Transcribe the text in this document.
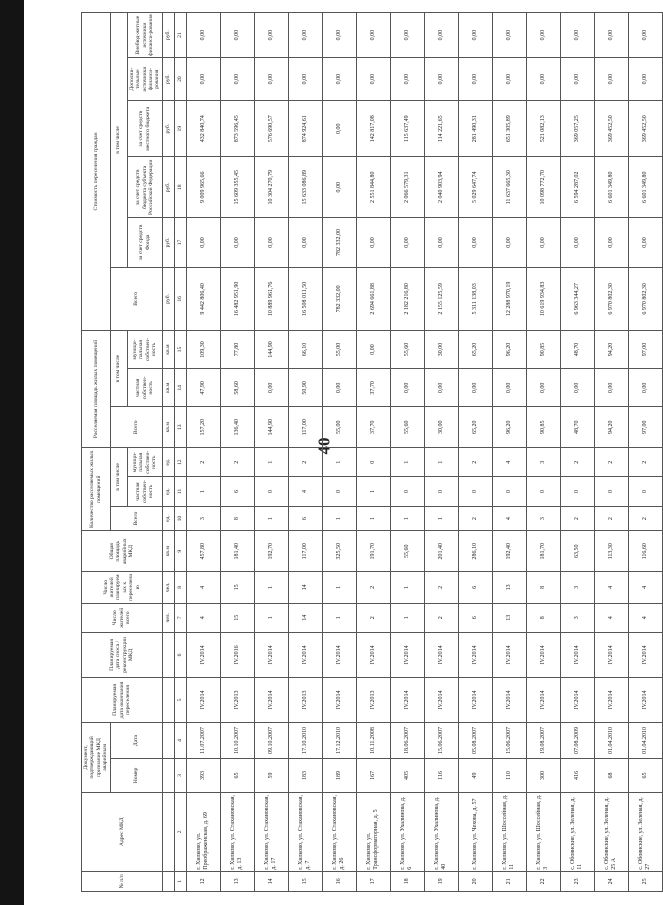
40
№ п/п	Адрес МКД	Документ, подтверждающий признание МКД аварийным		Планируемая дата окончания переселения	Планируемая дата сноса /реконструкции МКД	Число жителей всего	Число жителей планируемых к переселению	Общая площадь аварийных МКД	Количество расселяемых жилых помещений			Расселяемая площадь жилых помещений			Стоимость переселения граждан					
		Номер	Дата						Всего	в том числе		Всего	в том числе		Всего	в том числе				
										частная собствен-ность	муници-пальная собствен-ность		частная собствен-ность	муници-пальная собствен-ность		за счет средств Фонда	за счет средств бюджета субъекта Российской Федерации	за счет средств местного бюджета	Дополни-тельные источники финанси-рования	Внебюд-жетные источники финанси-рования
						чел.	чел.	кв.м	ед.	ед.	ед.	кв.м	кв.м	кв.м	руб.	руб.	руб.	руб.	руб.	руб.
1	2	3	4	5	6	7	8	9	10	11	12	13	14	15	16	17	18	19	20	21
12	г. Хилково, ул. Преображенская, д. 69	393	11.07.2007	IV.2014	IV.2014	4	4	457,80	3	1	2	157,20	47,90	109,30	9 442 806,40	0,00	9 009 965,66	432 840,74	0,00	0,00
13	г. Хилково, ул. Стахановская, д. 13	65	10.10.2007	IV.2013	IV.2016	15	15	181,40	8	6	2	136,40	58,60	77,80	16 482 951,90	0,00	15 609 355,45	873 596,45	0,00	0,00
14	г. Хилково, ул. Стахановская, д. 17	59	09.10.2007	IV.2014	IV.2014	1	1	192,70	1	0	1	144,90	0,00	144,90	10 889 961,76	0,00	10 304 270,79	576 690,57	0,00	0,00
15	г. Хилково, ул. Стахановская, д. 7	183	17.10.2010	IV.2013	IV.2014	14	14	117,00	6	4	2	117,00	50,90	66,10	16 508 011,50	0,00	15 633 086,89	874 924,61	0,00	0,00
16	г. Хилково, ул. Стахановская, д. 26	189	17.12.2010	IV.2014	IV.2014	1	1	325,50	1	0	1	55,00	0,00	55,00	782 332,00	782 332,00	0,00	0,00	0,00	0,00
17	г. Хилково, ул. Трансформаторная, д. 5	167	10.11.2008	IV.2013	IV.2014	2	2	191,70	1	1	0	37,70	37,70	0,00	2 694 661,88	0,00	2 551 844,80	142 817,08	0,00	0,00
18	г. Хилково, ул. Ухалинова, д. 6	405	18.06.2007	IV.2014	IV.2014	1	1	55,60	1	0	1	55,60	0,00	55,60	2 182 216,80	0,00	2 066 579,31	115 637,49	0,00	0,00
19	г. Хилково, ул. Ухалинова, д. 40	116	15.06.2007	IV.2014	IV.2014	2	2	201,40	1	0	1	30,00	0,00	30,00	2 155 125,59	0,00	2 040 903,94	114 221,65	0,00	0,00
20	г. Хилково, ул. Чехова, д. 57	49	05.08.2007	IV.2014	IV.2014	6	6	286,10	2	0	2	65,20	0,00	65,20	5 311 138,03	0,00	5 029 647,74	281 490,31	0,00	0,00
21	г. Хилково, ул. Шоссейная, д. 11	110	15.06.2007	IV.2014	IV.2014	13	13	192,40	4	0	4	96,20	0,00	96,20	12 288 970,19	0,00	11 637 665,30	651 305,89	0,00	0,00
22	г. Хилково, ул. Шоссейная, д. 3	300	19.08.2007	IV.2014	IV.2014	8	8	181,70	3	0	3	90,85	0,00	90,85	10 619 934,83	0,00	10 098 772,70	521 082,13	0,00	0,00
23	с. Обоянские, ул. Зеленая, д. 11	416	07.08.2009	IV.2014	IV.2014	3	3	63,50	2	0	2	48,70	0,00	48,70	6 963 344,27	0,00	6 594 287,02	369 057,25	0,00	0,00
24	с. Обоянские, ул. Зеленая, д. 25 А	68	01.04.2010	IV.2014	IV.2014	4	4	113,30	2	0	2	94,20	0,00	94,20	6 970 802,30	0,00	6 601 349,80	369 452,50	0,00	0,00
25	с. Обоянские, ул. Зеленая, д. 27	65	01.04.2010	IV.2014	IV.2014	4	4	116,60	2	0	2	97,00	0,00	97,00	6 970 802,30	0,00	6 601 349,80	369 452,50	0,00	0,00
